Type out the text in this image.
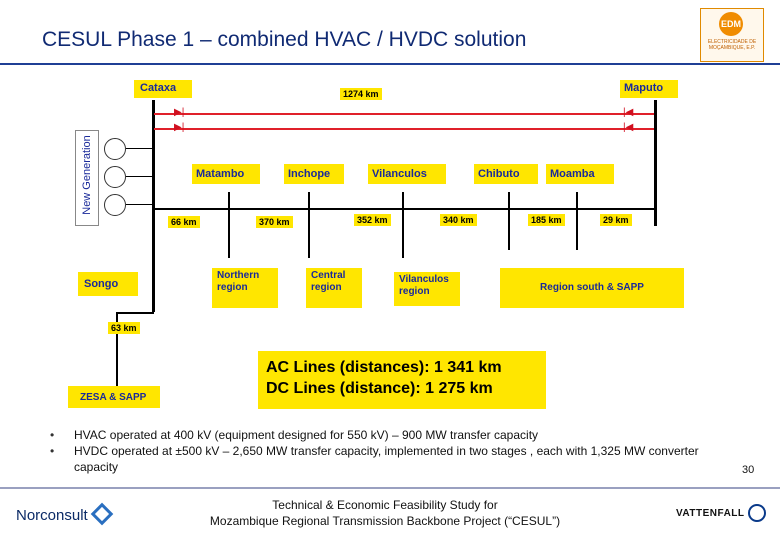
CESUL Phase 1 – combined HVAC / HVDC solution
EDM
ELECTRICIDADE DE MOÇAMBIQUE, E.P.
Cataxa	Maputo
1274 km
▶|
▶|
|◀
|◀
New Generation	Matambo	Inchope	Vilanculos	Chibuto	Moamba
66 km	370 km	352 km	340 km	185 km	29 km
Northern region
Central region
Vilanculos region	Region south & SAPP
Songo
63 km
ZESA & SAPP
AC Lines (distances): 1 341 km
DC Lines (distance): 1 275 km
• HVAC operated at 400 kV (equipment designed for 550 kV) – 900 MW transfer capacity
• HVDC operated at ±500 kV – 2,650 MW transfer capacity, implemented in two stages , each with 1,325 MW converter capacity	30
Norconsult
Technical & Economic Feasibility Study for
Mozambique Regional Transmission Backbone Project (“CESUL”)
VATTENFALL
